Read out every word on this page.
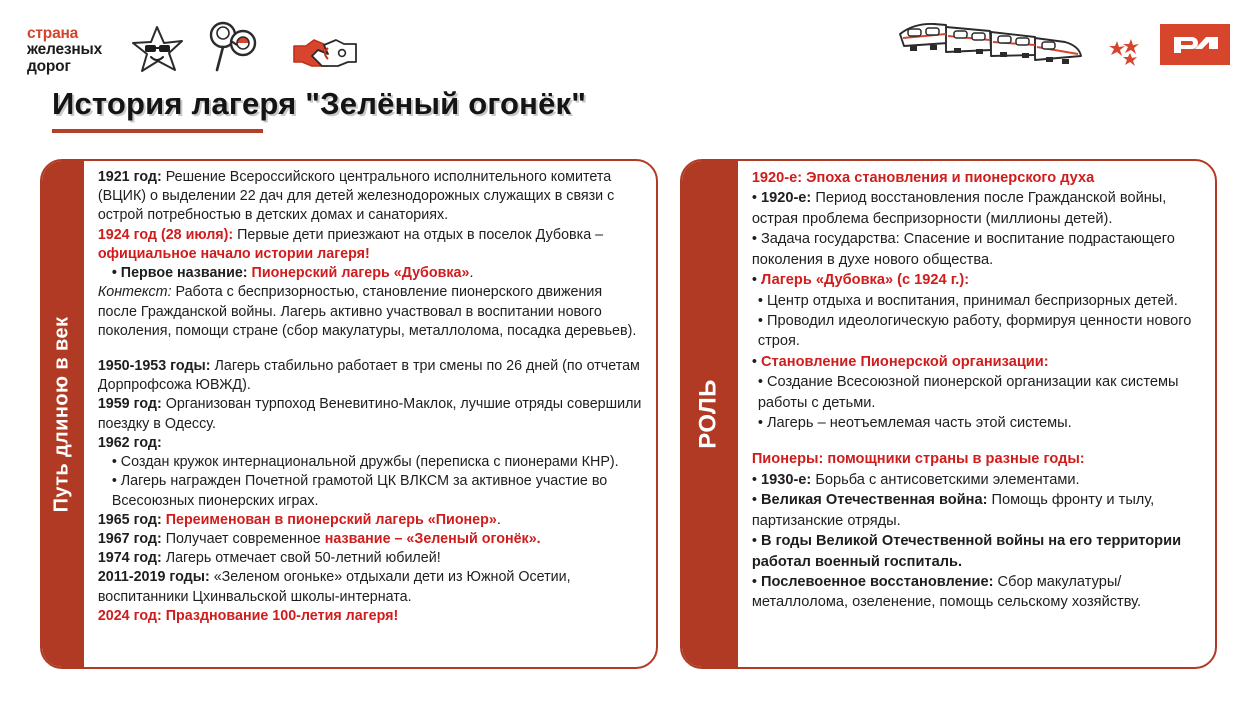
страна
железных
дорог
История лагеря "Зелёный огонёк"
Путь длиною в век

1921 год: Решение Всероссийского центрального исполнительного комитета (ВЦИК) о выделении 22 дач для детей железнодорожных служащих в связи с острой потребностью в детских домах и санаториях.

1924 год (28 июля): Первые дети приезжают на отдых в поселок Дубовка – официальное начало истории лагеря!

• Первое название: Пионерский лагерь «Дубовка».

Контекст: Работа с беспризорностью, становление пионерского движения после Гражданской войны. Лагерь активно участвовал в воспитании нового поколения, помощи стране (сбор макулатуры, металлолома, посадка деревьев).

1950-1953 годы: Лагерь стабильно работает в три смены по 26 дней (по отчетам Дорпрофсожа ЮВЖД).

1959 год: Организован турпоход Веневитино-Маклок, лучшие отряды совершили поездку в Одессу.

1962 год:

• Создан кружок интернациональной дружбы (переписка с пионерами КНР).

• Лагерь награжден Почетной грамотой ЦК ВЛКСМ за активное участие во Всесоюзных пионерских играх.

1965 год: Переименован в пионерский лагерь «Пионер».

1967 год: Получает современное название – «Зеленый огонёк».

1974 год: Лагерь отмечает свой 50-летний юбилей!

2011-2019 годы: «Зеленом огоньке» отдыхали дети из Южной Осетии, воспитанники Цхинвальской школы-интерната.

2024 год: Празднование 100-летия лагеря!

РОЛЬ

1920-е: Эпоха становления и пионерского духа

• 1920-е: Период восстановления после Гражданской войны, острая проблема беспризорности (миллионы детей).

• Задача государства: Спасение и воспитание подрастающего поколения в духе нового общества.

• Лагерь «Дубовка» (с 1924 г.):

• Центр отдыха и воспитания, принимал беспризорных детей.

• Проводил идеологическую работу, формируя ценности нового строя.

• Становление Пионерской организации:

• Создание Всесоюзной пионерской организации как системы работы с детьми.

• Лагерь – неотъемлемая часть этой системы.

Пионеры: помощники страны в разные годы:

• 1930-е: Борьба с антисоветскими элементами.

• Великая Отечественная война: Помощь фронту и тылу, партизанские отряды.

• В годы Великой Отечественной войны на его территории работал военный госпиталь.

• Послевоенное восстановление: Сбор макулатуры/металлолома, озеленение, помощь сельскому хозяйству.
